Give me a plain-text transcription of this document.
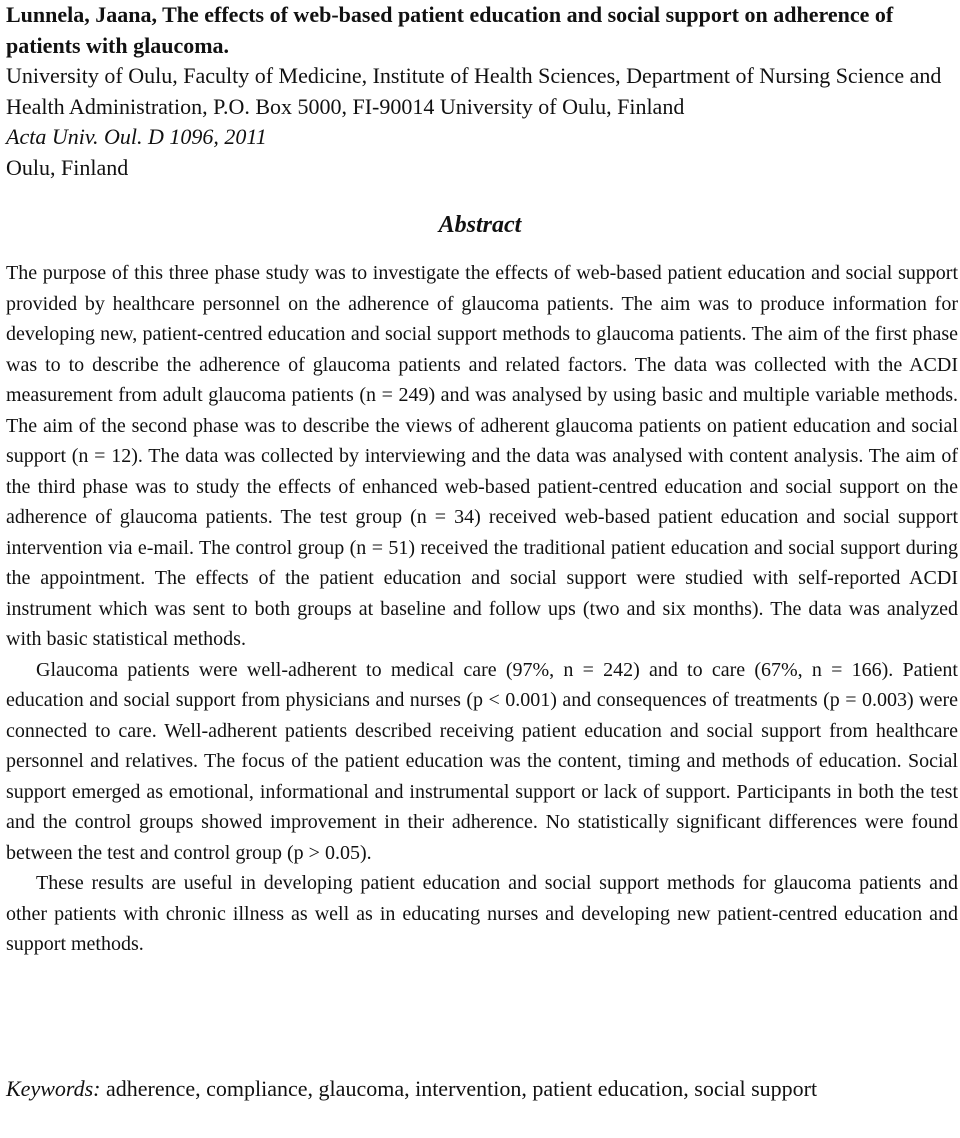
Lunnela, Jaana, The effects of web-based patient education and social support on adherence of patients with glaucoma.

University of Oulu, Faculty of Medicine, Institute of Health Sciences, Department of Nursing Science and Health Administration, P.O. Box 5000, FI-90014 University of Oulu, Finland

Acta Univ. Oul. D 1096, 2011

Oulu, Finland

Abstract

The purpose of this three phase study was to investigate the effects of web-based patient education and social support provided by healthcare personnel on the adherence of glaucoma patients. The aim was to produce information for developing new, patient-centred education and social support methods to glaucoma patients. The aim of the first phase was to to describe the adherence of glaucoma patients and related factors. The data was collected with the ACDI measurement from adult glaucoma patients (n = 249) and was analysed by using basic and multiple variable methods. The aim of the second phase was to describe the views of adherent glaucoma patients on patient education and social support (n = 12). The data was collected by interviewing and the data was analysed with content analysis. The aim of the third phase was to study the effects of enhanced web-based patient-centred education and social support on the adherence of glaucoma patients. The test group (n = 34) received web-based patient education and social support intervention via e-mail. The control group (n = 51) received the traditional patient education and social support during the appointment. The effects of the patient education and social support were studied with self-reported ACDI instrument which was sent to both groups at baseline and follow ups (two and six months). The data was analyzed with basic statistical methods.

Glaucoma patients were well-adherent to medical care (97%, n = 242) and to care (67%, n = 166). Patient education and social support from physicians and nurses (p < 0.001) and consequences of treatments (p = 0.003) were connected to care. Well-adherent patients described receiving patient education and social support from healthcare personnel and relatives. The focus of the patient education was the content, timing and methods of education. Social support emerged as emotional, informational and instrumental support or lack of support. Participants in both the test and the control groups showed improvement in their adherence. No statistically significant differences were found between the test and control group (p > 0.05).

These results are useful in developing patient education and social support methods for glaucoma patients and other patients with chronic illness as well as in educating nurses and developing new patient-centred education and support methods.

Keywords: adherence, compliance, glaucoma, intervention, patient education, social support
